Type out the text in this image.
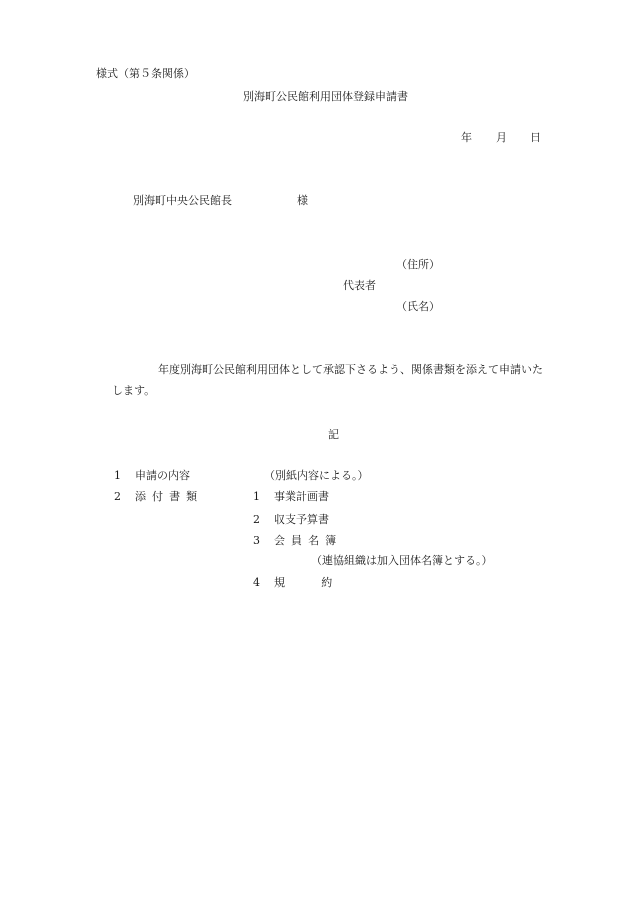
様式（第５条関係）
別海町公民館利用団体登録申請書
年 月 日
別海町中央公民館長	様
（住所）
代表者
（氏名）
年度別海町公民館利用団体として承認下さるよう、関係書類を添えて申請いた
します。
記
1 申請の内容	（別紙内容による。）
2 添付書類	1 事業計画書
2 収支予算書
3 会員名簿
（連協組織は加入団体名簿とする。）
4 規約
